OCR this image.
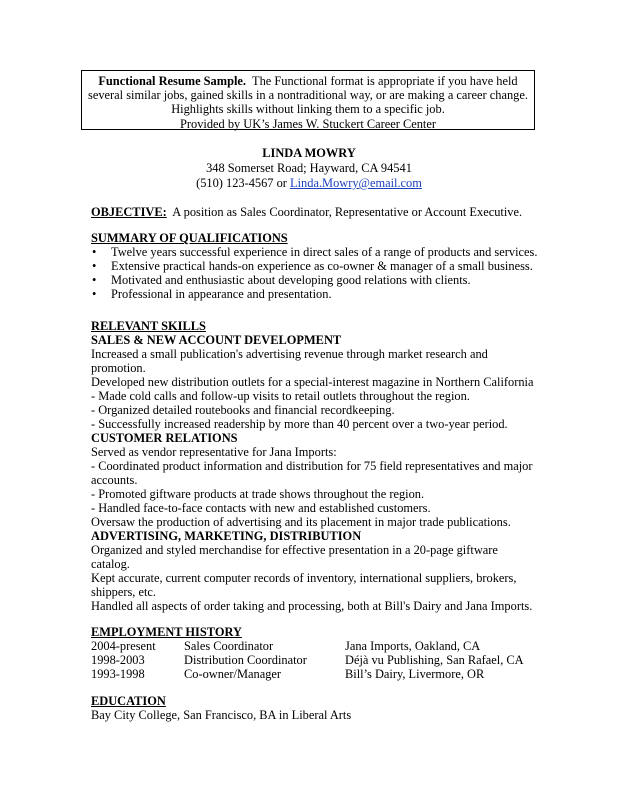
Functional Resume Sample. The Functional format is appropriate if you have held
several similar jobs, gained skills in a nontraditional way, or are making a career change.
Highlights skills without linking them to a specific job.
Provided by UK’s James W. Stuckert Career Center
LINDA MOWRY
348 Somerset Road; Hayward, CA 94541
(510) 123-4567 or Linda.Mowry@email.com
OBJECTIVE: A position as Sales Coordinator, Representative or Account Executive.
SUMMARY OF QUALIFICATIONS
• Twelve years successful experience in direct sales of a range of products and services.
• Extensive practical hands-on experience as co-owner & manager of a small business.
• Motivated and enthusiastic about developing good relations with clients.
• Professional in appearance and presentation.
RELEVANT SKILLS
SALES & NEW ACCOUNT DEVELOPMENT
Increased a small publication's advertising revenue through market research and
promotion.
Developed new distribution outlets for a special-interest magazine in Northern California
- Made cold calls and follow-up visits to retail outlets throughout the region.
- Organized detailed routebooks and financial recordkeeping.
- Successfully increased readership by more than 40 percent over a two-year period.
CUSTOMER RELATIONS
Served as vendor representative for Jana Imports:
- Coordinated product information and distribution for 75 field representatives and major
accounts.
- Promoted giftware products at trade shows throughout the region.
- Handled face-to-face contacts with new and established customers.
Oversaw the production of advertising and its placement in major trade publications.
ADVERTISING, MARKETING, DISTRIBUTION
Organized and styled merchandise for effective presentation in a 20-page giftware
catalog.
Kept accurate, current computer records of inventory, international suppliers, brokers,
shippers, etc.
Handled all aspects of order taking and processing, both at Bill's Dairy and Jana Imports.
EMPLOYMENT HISTORY
2004-present	Sales Coordinator	Jana Imports, Oakland, CA
1998-2003	Distribution Coordinator	Déjà vu Publishing, San Rafael, CA
1993-1998	Co-owner/Manager	Bill’s Dairy, Livermore, OR
EDUCATION
Bay City College, San Francisco, BA in Liberal Arts
